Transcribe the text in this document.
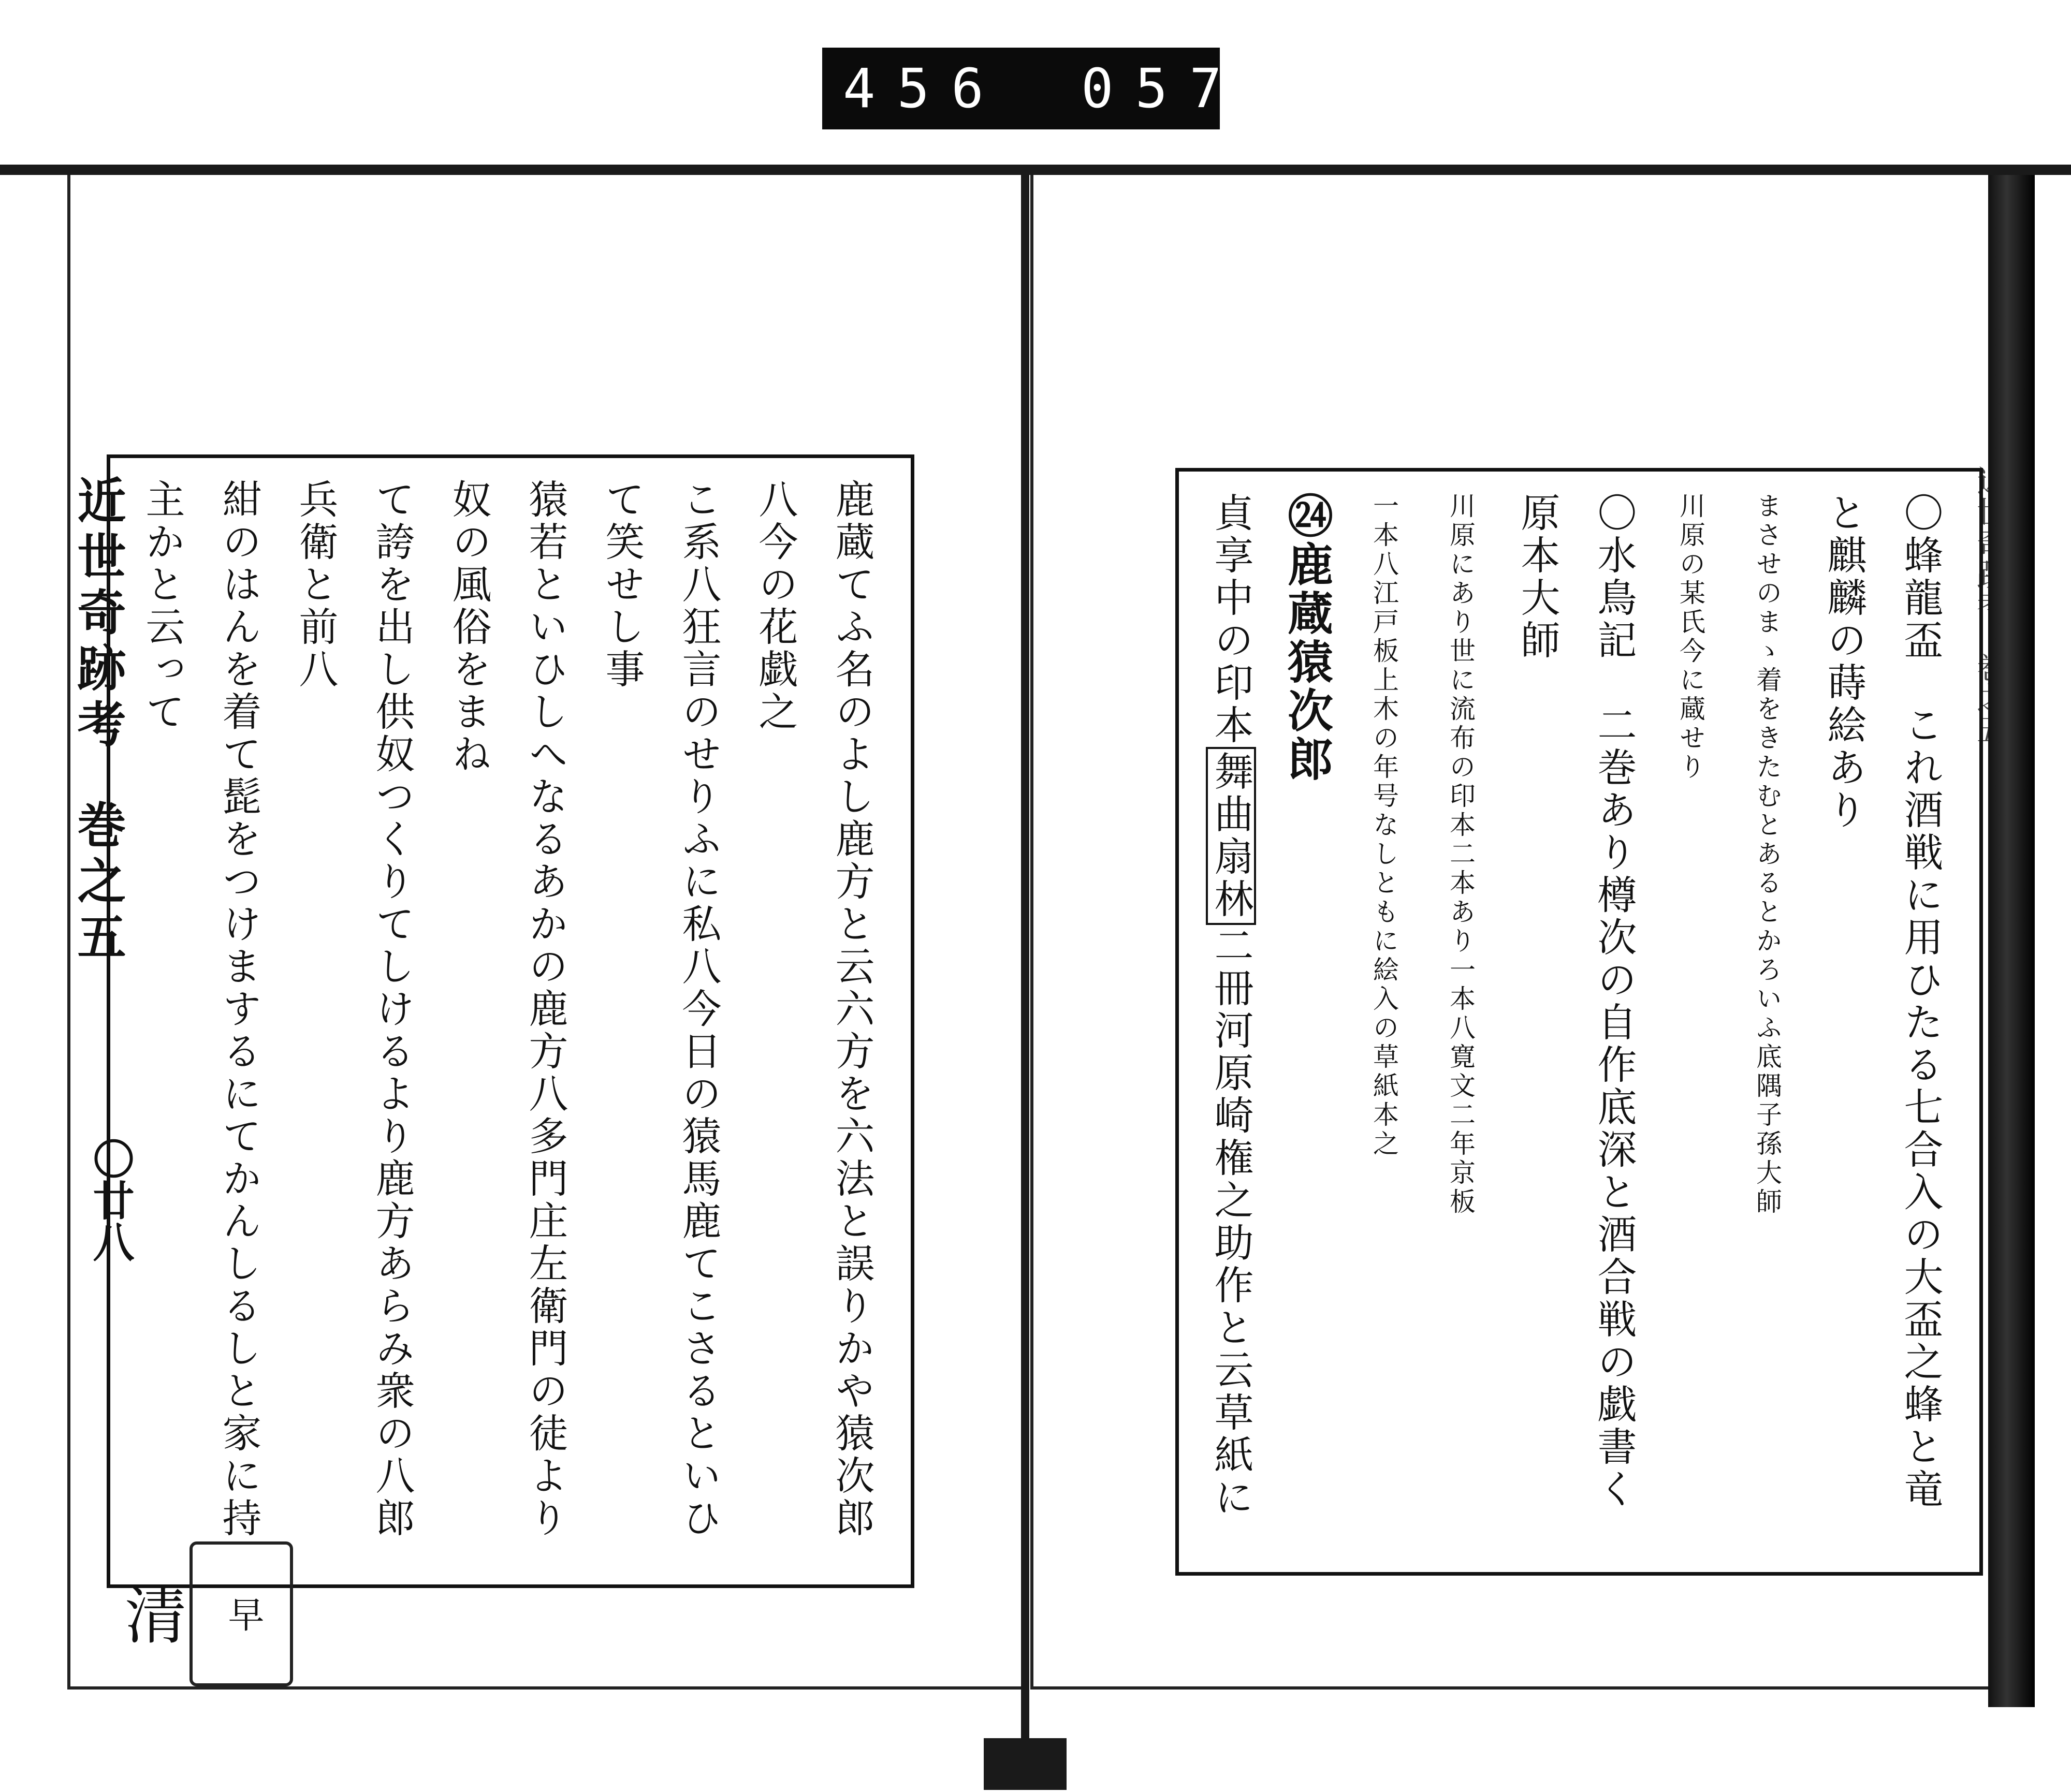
456 057
近世奇跡考 巻之五
〇廿八	鹿蔵てふ名のよし鹿方と云六方を六法と誤りかや猿次郎八今の花戯之
こ系八狂言のせりふに私八今日の猿馬鹿てこさるといひて笑せし事
猿若といひしへなるあかの鹿方八多門庄左衛門の徒より奴の風俗をまね
て誇を出し供奴つくりてしけるより鹿方あらみ衆の八郎兵衛と前八
紺のはんを着て髭をつけまするにてかんしるしと家に持主かと云って
早
清
〇蜂龍盃　これ酒戦に用ひたる七合入の大盃之蜂と竜と麒麟の蒔絵あり
まさせのまゝ着をきたむとあるとかろいふ底隅子孫大師
川原の某氏今に蔵せり
〇水鳥記　二巻あり樽次の自作底深と酒合戦の戯書く原本大師
川原にあり世に流布の印本二本あり一本八寛文二年京板
一本八江戸板上木の年号なしともに絵入の草紙本之
㉔鹿蔵猿次郎
貞享中の印本舞曲扇林二冊河原崎権之助作と云草紙に
